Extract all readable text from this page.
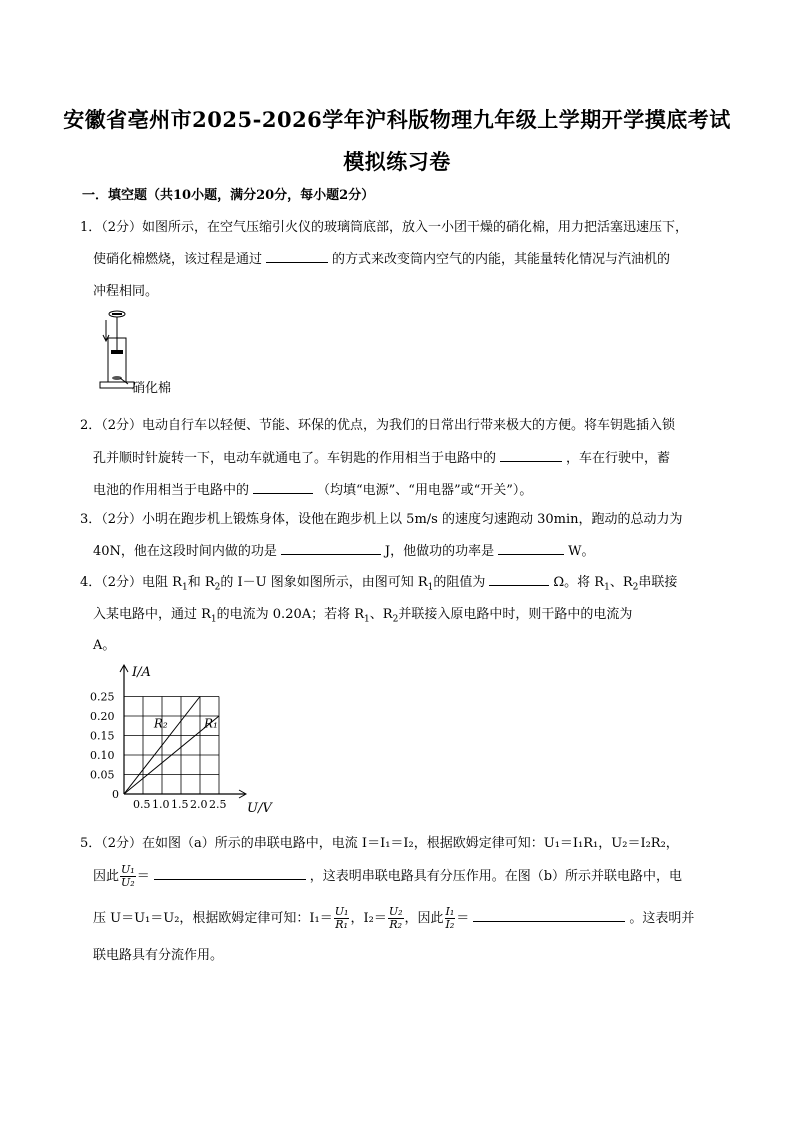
安徽省亳州市2025-2026学年沪科版物理九年级上学期开学摸底考试
模拟练习卷
一．填空题（共10小题，满分20分，每小题2分）
1．（2分）如图所示，在空气压缩引火仪的玻璃筒底部，放入一小团干燥的硝化棉，用力把活塞迅速压下，
使硝化棉燃烧，该过程是通过	的方式来改变筒内空气的内能，其能量转化情况与汽油机的
冲程相同。
硝化棉
2．（2分）电动自行车以轻便、节能、环保的优点，为我们的日常出行带来极大的方便。将车钥匙插入锁
孔并顺时针旋转一下，电动车就通电了。车钥匙的作用相当于电路中的	，车在行驶中，蓄
电池的作用相当于电路中的	（均填“电源”、“用电器”或“开关”）。
3．（2分）小明在跑步机上锻炼身体，设他在跑步机上以 5m/s 的速度匀速跑动 30min，跑动的总动力为
40N，他在这段时间内做的功是	J，他做功的功率是	W。
4．（2分）电阻 $R_1$和 $R_2$的 I－U 图象如图所示，由图可知 $R_1$的阻值为	Ω。将 $R_1$、$R_2$串联接
入某电路中，通过 $R_1$的电流为 0.20A；若将 $R_1$、$R_2$并联接入原电路中时，则干路中的电流为
A。
0.5 1.0 1.5 2.0 2.5
0.25
0.20
0.15
0.10
0.05
0
I/A
U/V
R₂	R₁
5．（2分）在如图（a）所示的串联电路中，电流 I＝I₁＝I₂，根据欧姆定律可知：U₁＝I₁R₁，U₂＝I₂R₂，
因此 $\frac{\text{U₁}}{\text{U₂}}$ ＝	，这表明串联电路具有分压作用。在图（b）所示并联电路中，电
压 U＝U₁＝U₂，根据欧姆定律可知：$I_1= \frac{\text{U₁}}{\text{R₁}}$ ，$I_2= \frac{\text{U₂}}{\text{R₂}}$ ，因此 $\frac{\text{I₁}}{\text{I₂}}$ ＝	。这表明并
联电路具有分流作用。
